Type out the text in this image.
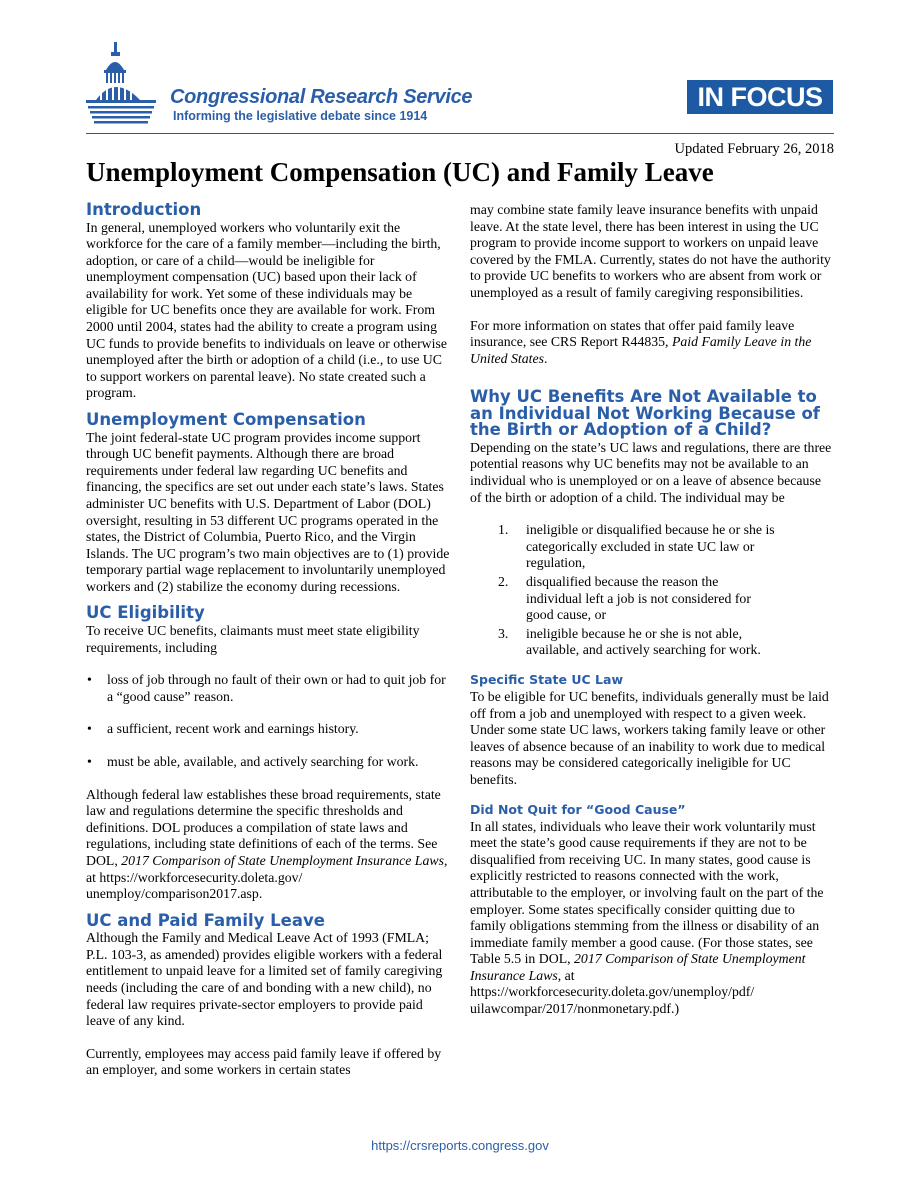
Congressional Research Service
Informing the legislative debate since 1914
IN FOCUS
Updated February 26, 2018
Unemployment Compensation (UC) and Family Leave
Introduction

In general, unemployed workers who voluntarily exit the workforce for the care of a family member—including the birth, adoption, or care of a child—would be ineligible for unemployment compensation (UC) based upon their lack of availability for work. Yet some of these individuals may be eligible for UC benefits once they are available for work. From 2000 until 2004, states had the ability to create a program using UC funds to provide benefits to individuals on leave or otherwise unemployed after the birth or adoption of a child (i.e., to use UC to support workers on parental leave). No state created such a program.

Unemployment Compensation

The joint federal-state UC program provides income support through UC benefit payments. Although there are broad requirements under federal law regarding UC benefits and financing, the specifics are set out under each state’s laws. States administer UC benefits with U.S. Department of Labor (DOL) oversight, resulting in 53 different UC programs operated in the states, the District of Columbia, Puerto Rico, and the Virgin Islands. The UC program’s two main objectives are to (1) provide temporary partial wage replacement to involuntarily unemployed workers and (2) stabilize the economy during recessions.

UC Eligibility

To receive UC benefits, claimants must meet state eligibility requirements, including

• loss of job through no fault of their own or had to quit job for a “good cause” reason.
• a sufficient, recent work and earnings history.
• must be able, available, and actively searching for work.

Although federal law establishes these broad requirements, state law and regulations determine the specific thresholds and definitions. DOL produces a compilation of state laws and regulations, including state definitions of each of the terms. See DOL, 2017 Comparison of State Unemployment Insurance Laws, at https://workforcesecurity.doleta.gov/ unemploy/comparison2017.asp.

UC and Paid Family Leave

Although the Family and Medical Leave Act of 1993 (FMLA; P.L. 103-3, as amended) provides eligible workers with a federal entitlement to unpaid leave for a limited set of family caregiving needs (including the care of and bonding with a new child), no federal law requires private-sector employers to provide paid leave of any kind.

Currently, employees may access paid family leave if offered by an employer, and some workers in certain states

may combine state family leave insurance benefits with unpaid leave. At the state level, there has been interest in using the UC program to provide income support to workers on unpaid leave covered by the FMLA. Currently, states do not have the authority to provide UC benefits to workers who are absent from work or unemployed as a result of family caregiving responsibilities.

For more information on states that offer paid family leave insurance, see CRS Report R44835, Paid Family Leave in the United States.

Why UC Benefits Are Not Available to an Individual Not Working Because of the Birth or Adoption of a Child?

Depending on the state’s UC laws and regulations, there are three potential reasons why UC benefits may not be available to an individual who is unemployed or on a leave of absence because of the birth or adoption of a child. The individual may be

1. ineligible or disqualified because he or she is categorically excluded in state UC law or regulation,
2. disqualified because the reason the individual left a job is not considered for good cause, or
3. ineligible because he or she is not able, available, and actively searching for work.
Specific State UC Law

To be eligible for UC benefits, individuals generally must be laid off from a job and unemployed with respect to a given week. Under some state UC laws, workers taking family leave or other leaves of absence because of an inability to work due to medical reasons may be considered categorically ineligible for UC benefits.

Did Not Quit for “Good Cause”

In all states, individuals who leave their work voluntarily must meet the state’s good cause requirements if they are not to be disqualified from receiving UC. In many states, good cause is explicitly restricted to reasons connected with the work, attributable to the employer, or involving fault on the part of the employer. Some states specifically consider quitting due to family obligations stemming from the illness or disability of an immediate family member a good cause. (For those states, see Table 5.5 in DOL, 2017 Comparison of State Unemployment Insurance Laws, at https://workforcesecurity.doleta.gov/unemploy/pdf/ uilawcompar/2017/nonmonetary.pdf.)

https://crsreports.congress.gov
